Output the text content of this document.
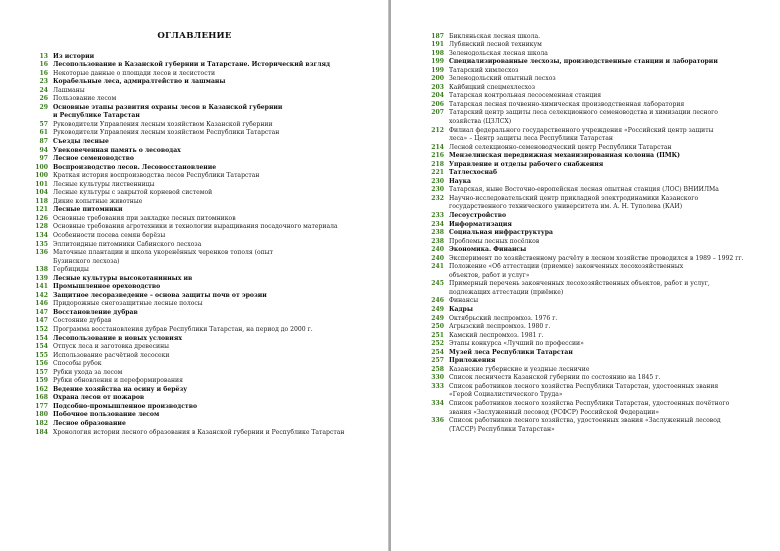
ОГЛАВЛЕНИЕ
13 Из истории
16 Лесопользование в Казанской губернии и Татарстане. Исторический взгляд
16 Некоторые данные о площади лесов и лесистости
23 Корабельные леса, адмиралтейство и лашманы
24 Лашманы
26 Пользование лесом
29 Основные этапы развития охраны лесов в Казанской губернии
и Республике Татарстан
57 Руководители Управления лесным хозяйством Казанской губернии
61 Руководители Управления лесным хозяйством Республики Татарстан
87 Съезды лесные
94 Увековеченная память о лесоводах
97 Лесное семеноводство
100 Воспроизводство лесов. Лесовосстановление
100 Краткая история воспроизводства лесов Республики Татарстан
101 Лесные культуры лиственницы
104 Лесные культуры с закрытой корневой системой
118 Дикие копытные животные
121 Лесные питомники
126 Основные требования при закладке лесных питомников
128 Основные требования агротехники и технологии выращивания посадочного материала
134 Особенности посева семян берёзы
135 Эллитоидные питомники Сабинского лесхоза
136 Маточные плантации и школа укоренённых черенков тополя (опыт
Бузинского лесхоза)
138 Гербициды
139 Лесные культуры высокотанинных ив
141 Промышленное ореховодство
142 Защитное лесоразведение – основа защиты почв от эрозии
146 Придорожные снегозащитные лесные полосы
147 Восстановление дубрав
147 Состояние дубрав
152 Программа восстановления дубрав Республики Татарстан, на период до 2000 г.
154 Лесопользование в новых условиях
154 Отпуск леса и заготовка древесины
155 Использование расчётной лесосеки
156 Способы рубок
157 Рубки ухода за лесом
159 Рубки обновления и переформирования
162 Ведение хозяйства на осину и берёзу
168 Охрана лесов от пожаров
177 Подсобно-промышленное производство
180 Побочное пользование лесом
182 Лесное образование
184 Хронология истории лесного образования в Казанской губернии и Республике Татарстан
187 Бикляньская лесная школа.
191 Лубянский лесной техникум
198 Зеленодольская лесная школа
199 Специализированные лесхозы, производственные станции и лаборатории
199 Татарский химлесхоз
200 Зеленодольский опытный лесхоз
203 Кайбицкий спецмехлесхоз
204 Татарская контрольная лесосеменная станция
206 Татарская лесная почвенно-химическая производственная лаборатория
207 Татарский центр защиты леса селекционного семеноводства и химизации лесного
хозяйства (ЦЗЛСХ)
212 Филиал федерального государственного учреждения «Российский центр защиты
леса» – Центр защиты леса Республики Татарстан
214 Лесной селекционно-семеноводческий центр Республики Татарстан
216 Мензелинская передвижная механизированная колонна (ПМК)
218 Управление и отделы рабочего снабжения
221 Татлесхоснаб
230 Наука
230 Татарская, ныне Восточно-европейская лесная опытная станция (ЛОС) ВНИИЛМа
232 Научно-исследовательский центр прикладной электродинамики Казанского
государственного технического университета им. А. Н. Туполева (КАИ)
233 Лесоустройство
234 Информатизация
238 Социальная инфраструктура
238 Проблемы лесных посёлков
240 Экономика. Финансы
240 Эксперимент по хозяйственному расчёту в лесном хозяйстве проводился в 1989 – 1992 гг.
241 Положение «Об аттестации (приемке) законченных лесохозяйственных
объектов, работ и услуг»
245 Примерный перечень законченных лесохозяйственных объектов, работ и услуг,
подлежащих аттестации (приёмке)
246 Финансы
249 Кадры
249 Октябрьский леспромхоз. 1976 г.
250 Агрызский леспромхоз. 1980 г.
251 Камский леспромхоз. 1981 г.
252 Этапы конкурса «Лучший по профессии»
254 Музей леса Республики Татарстан
257 Приложения
258 Казанские губернские и уездные лесничие
330 Список лесничеств Казанской губернии по состоянию на 1845 г.
333 Список работников лесного хозяйства Республики Татарстан, удостоенных звания
«Герой Социалистического Труда»
334 Список работников лесного хозяйства Республики Татарстан, удостоенных почётного
звания «Заслуженный лесовод (РСФСР) Российской Федерации»
336 Список работников лесного хозяйства, удостоенных звания «Заслуженный лесовод
(ТАССР) Республики Татарстан»
